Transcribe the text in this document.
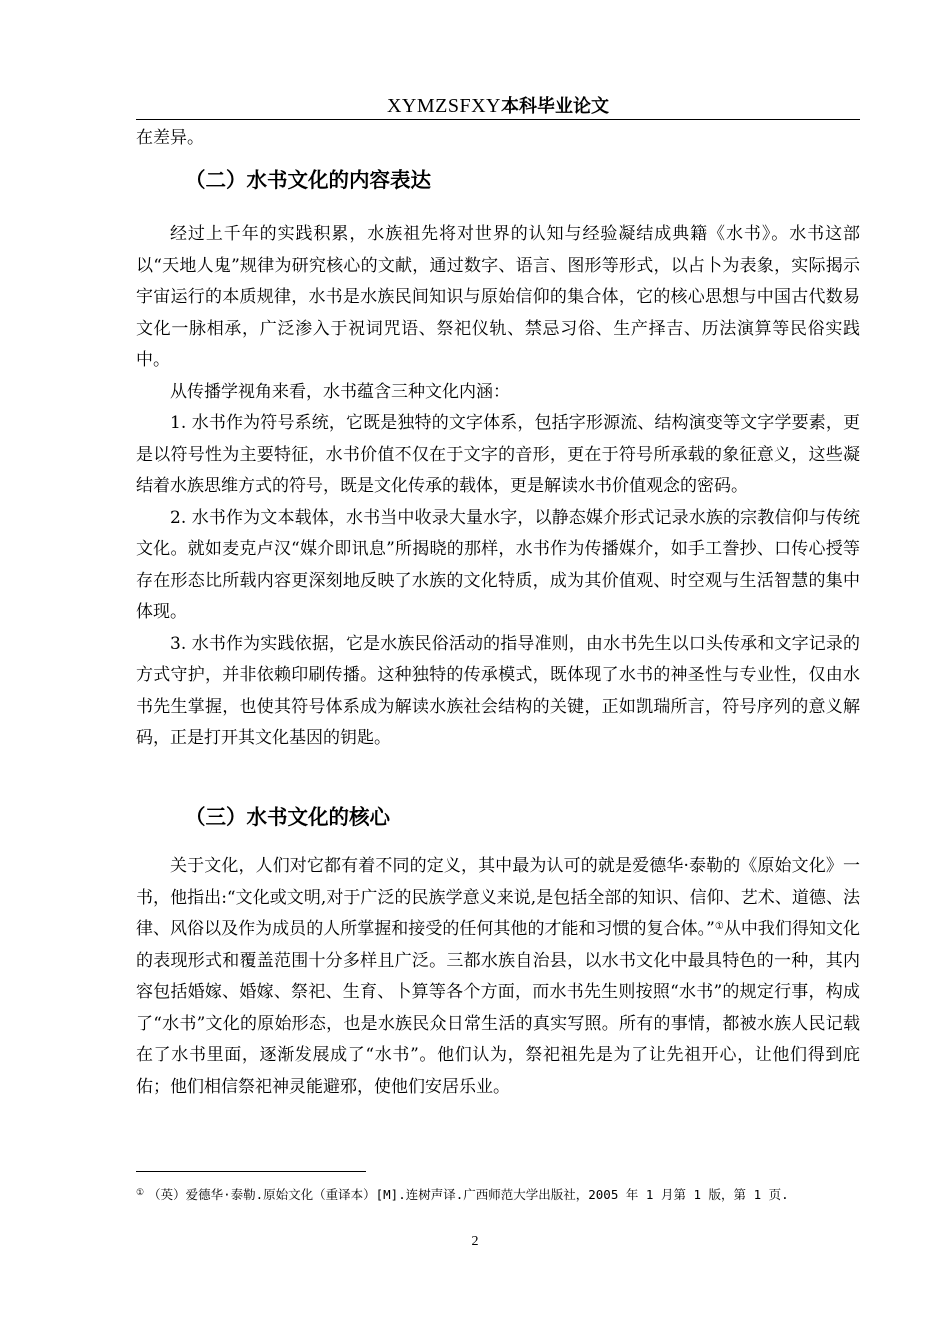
XYMZSFXY本科毕业论文

在差异。

（二）水书文化的内容表达

经过上千年的实践积累，水族祖先将对世界的认知与经验凝结成典籍《水书》。水书这部以“天地人鬼”规律为研究核心的文献，通过数字、语言、图形等形式，以占卜为表象，实际揭示宇宙运行的本质规律，水书是水族民间知识与原始信仰的集合体，它的核心思想与中国古代数易文化一脉相承，广泛渗入于祝词咒语、祭祀仪轨、禁忌习俗、生产择吉、历法演算等民俗实践中。

从传播学视角来看，水书蕴含三种文化内涵：

1. 水书作为符号系统，它既是独特的文字体系，包括字形源流、结构演变等文字学要素，更是以符号性为主要特征，水书价值不仅在于文字的音形，更在于符号所承载的象征意义，这些凝结着水族思维方式的符号，既是文化传承的载体，更是解读水书价值观念的密码。

2. 水书作为文本载体，水书当中收录大量水字，以静态媒介形式记录水族的宗教信仰与传统文化。就如麦克卢汉“媒介即讯息”所揭晓的那样，水书作为传播媒介，如手工誊抄、口传心授等存在形态比所载内容更深刻地反映了水族的文化特质，成为其价值观、时空观与生活智慧的集中体现。

3. 水书作为实践依据，它是水族民俗活动的指导准则，由水书先生以口头传承和文字记录的方式守护，并非依赖印刷传播。这种独特的传承模式，既体现了水书的神圣性与专业性，仅由水书先生掌握，也使其符号体系成为解读水族社会结构的关键，正如凯瑞所言，符号序列的意义解码，正是打开其文化基因的钥匙。

（三）水书文化的核心

关于文化，人们对它都有着不同的定义，其中最为认可的就是爱德华·泰勒的《原始文化》一书，他指出:“文化或文明,对于广泛的民族学意义来说,是包括全部的知识、信仰、艺术、道德、法律、风俗以及作为成员的人所掌握和接受的任何其他的才能和习惯的复合体。”①从中我们得知文化的表现形式和覆盖范围十分多样且广泛。三都水族自治县，以水书文化中最具特色的一种，其内容包括婚嫁、婚嫁、祭祀、生育、卜算等各个方面，而水书先生则按照“水书”的规定行事，构成了“水书”文化的原始形态，也是水族民众日常生活的真实写照。所有的事情，都被水族人民记载在了水书里面，逐渐发展成了“水书”。他们认为，祭祀祖先是为了让先祖开心，让他们得到庇佑；他们相信祭祀神灵能避邪，使他们安居乐业。

① （英）爱德华·泰勒.原始文化（重译本）[M].连树声译.广西师范大学出版社，2005 年 1 月第 1 版，第 1 页.
2
